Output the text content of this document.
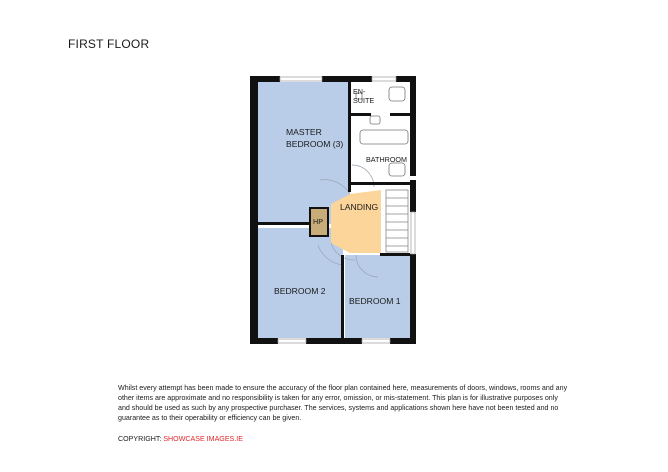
FIRST FLOOR
MASTER
BEDROOM (3)
EN-
SUITE
BATHROOM
LANDING
HP
BEDROOM 2
BEDROOM 1
Whilst every attempt has been made to ensure the accuracy of the floor plan contained here, measurements of doors, windows, rooms and any other items are approximate and no responsibility is taken for any error, omission, or mis-statement. This plan is for illustrative purposes only and should be used as such by any prospective purchaser. The services, systems and applications shown here have not been tested and no guarantee as to their operability or efficiency can be given.
COPYRIGHT: SHOWCASE IMAGES.IE
